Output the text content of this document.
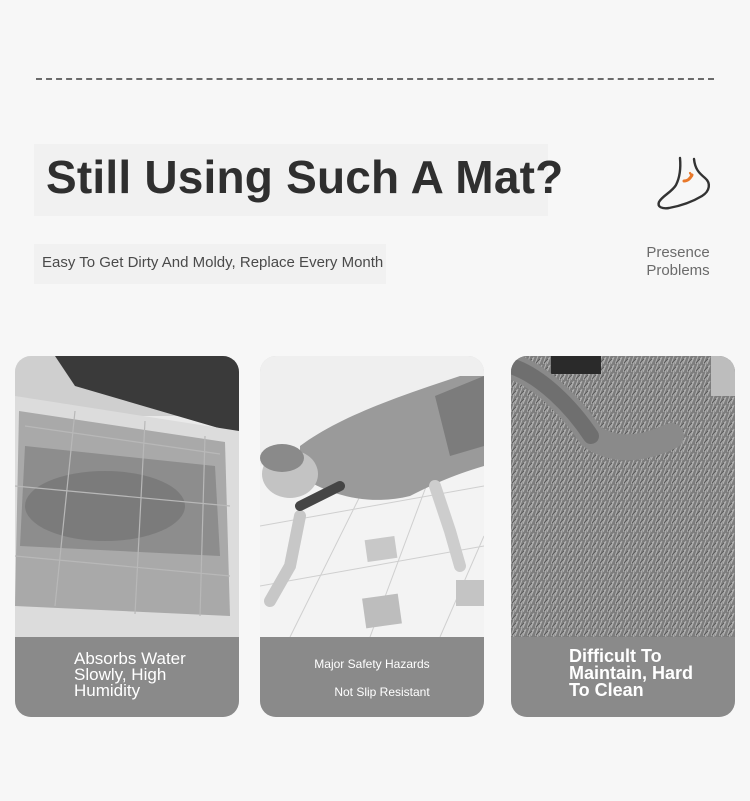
Still Using Such A Mat?
Easy To Get Dirty And Moldy, Replace Every Month
Presence Problems
Absorbs Water Slowly, High Humidity
Major Safety Hazards
Not Slip Resistant
Difficult To Maintain, Hard To Clean
